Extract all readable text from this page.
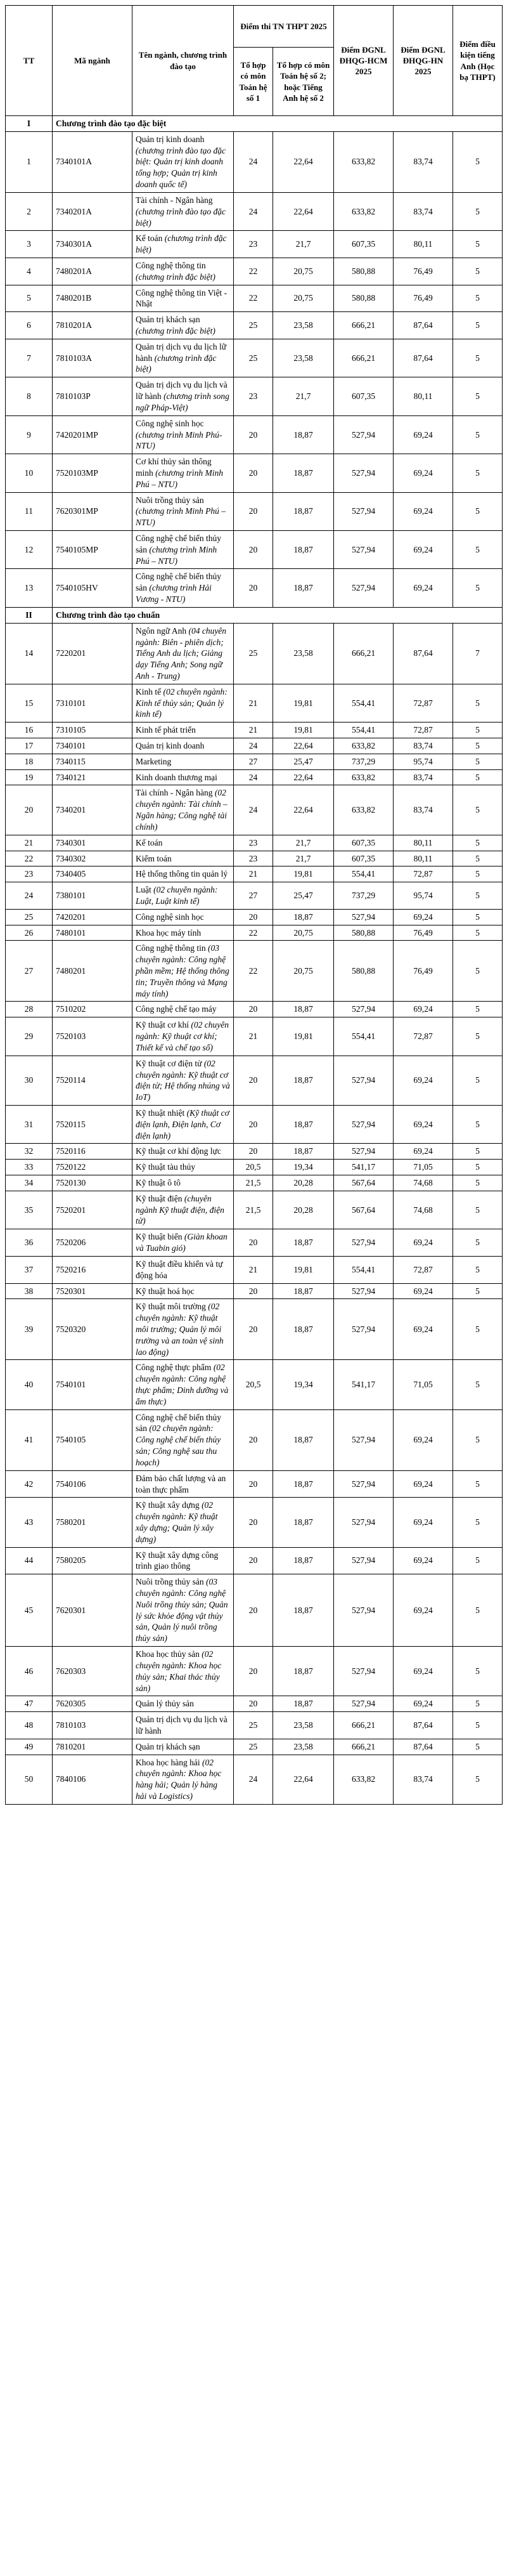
TT	Mã ngành	Tên ngành, chương trình đào tạo	Điểm thi TN THPT 2025		Điểm ĐGNL ĐHQG-HCM 2025	Điểm ĐGNL ĐHQG-HN 2025	Điểm điều kiện tiếng Anh (Học bạ THPT)
			Tổ hợp có môn Toán hệ số 1	Tổ hợp có môn Toán hệ số 2; hoặc Tiếng Anh hệ số 2			
I	Chương trình đào tạo đặc biệt						
1	7340101A	Quản trị kinh doanh (chương trình đào tạo đặc biệt: Quản trị kinh doanh tổng hợp; Quản trị kinh doanh quốc tế)	24	22,64	633,82	83,74	5
2	7340201A	Tài chính - Ngân hàng (chương trình đào tạo đặc biệt)	24	22,64	633,82	83,74	5
3	7340301A	Kế toán (chương trình đặc biệt)	23	21,7	607,35	80,11	5
4	7480201A	Công nghệ thông tin (chương trình đặc biệt)	22	20,75	580,88	76,49	5
5	7480201B	Công nghệ thông tin Việt - Nhật	22	20,75	580,88	76,49	5
6	7810201A	Quản trị khách sạn (chương trình đặc biệt)	25	23,58	666,21	87,64	5
7	7810103A	Quản trị dịch vụ du lịch lữ hành (chương trình đặc biệt)	25	23,58	666,21	87,64	5
8	7810103P	Quản trị dịch vụ du lịch và lữ hành (chương trình song ngữ Pháp-Việt)	23	21,7	607,35	80,11	5
9	7420201MP	Công nghệ sinh học (chương trình Minh Phú-NTU)	20	18,87	527,94	69,24	5
10	7520103MP	Cơ khí thủy sản thông minh (chương trình Minh Phú – NTU)	20	18,87	527,94	69,24	5
11	7620301MP	Nuôi trồng thủy sản (chương trình Minh Phú – NTU)	20	18,87	527,94	69,24	5
12	7540105MP	Công nghệ chế biến thủy sản (chương trình Minh Phú – NTU)	20	18,87	527,94	69,24	5
13	7540105HV	Công nghệ chế biến thủy sản (chương trình Hải Vương - NTU)	20	18,87	527,94	69,24	5
II	Chương trình đào tạo chuẩn						
14	7220201	Ngôn ngữ Anh (04 chuyên ngành: Biên - phiên dịch; Tiếng Anh du lịch; Giảng dạy Tiếng Anh; Song ngữ Anh - Trung)	25	23,58	666,21	87,64	7
15	7310101	Kinh tế (02 chuyên ngành: Kinh tế thủy sản; Quản lý kinh tế)	21	19,81	554,41	72,87	5
16	7310105	Kinh tế phát triển	21	19,81	554,41	72,87	5
17	7340101	Quản trị kinh doanh	24	22,64	633,82	83,74	5
18	7340115	Marketing	27	25,47	737,29	95,74	5
19	7340121	Kinh doanh thương mại	24	22,64	633,82	83,74	5
20	7340201	Tài chính - Ngân hàng (02 chuyên ngành: Tài chính – Ngân hàng; Công nghệ tài chính)	24	22,64	633,82	83,74	5
21	7340301	Kế toán	23	21,7	607,35	80,11	5
22	7340302	Kiểm toán	23	21,7	607,35	80,11	5
23	7340405	Hệ thống thông tin quản lý	21	19,81	554,41	72,87	5
24	7380101	Luật (02 chuyên ngành: Luật, Luật kinh tế)	27	25,47	737,29	95,74	5
25	7420201	Công nghệ sinh học	20	18,87	527,94	69,24	5
26	7480101	Khoa học máy tính	22	20,75	580,88	76,49	5
27	7480201	Công nghệ thông tin (03 chuyên ngành: Công nghệ phần mềm; Hệ thống thông tin; Truyền thông và Mạng máy tính)	22	20,75	580,88	76,49	5
28	7510202	Công nghệ chế tạo máy	20	18,87	527,94	69,24	5
29	7520103	Kỹ thuật cơ khí (02 chuyên ngành: Kỹ thuật cơ khí; Thiết kế và chế tạo số)	21	19,81	554,41	72,87	5
30	7520114	Kỹ thuật cơ điện tử (02 chuyên ngành: Kỹ thuật cơ điện tử; Hệ thống nhúng và IoT)	20	18,87	527,94	69,24	5
31	7520115	Kỹ thuật nhiệt (Kỹ thuật cơ điện lạnh, Điện lạnh, Cơ điện lạnh)	20	18,87	527,94	69,24	5
32	7520116	Kỹ thuật cơ khí động lực	20	18,87	527,94	69,24	5
33	7520122	Kỹ thuật tàu thủy	20,5	19,34	541,17	71,05	5
34	7520130	Kỹ thuật ô tô	21,5	20,28	567,64	74,68	5
35	7520201	Kỹ thuật điện (chuyên ngành Kỹ thuật điện, điện tử)	21,5	20,28	567,64	74,68	5
36	7520206	Kỹ thuật biển (Giàn khoan và Tuabin gió)	20	18,87	527,94	69,24	5
37	7520216	Kỹ thuật điều khiển và tự động hóa	21	19,81	554,41	72,87	5
38	7520301	Kỹ thuật hoá học	20	18,87	527,94	69,24	5
39	7520320	Kỹ thuật môi trường (02 chuyên ngành: Kỹ thuật môi trường; Quản lý môi trường và an toàn vệ sinh lao động)	20	18,87	527,94	69,24	5
40	7540101	Công nghệ thực phẩm (02 chuyên ngành: Công nghệ thực phẩm; Dinh dưỡng và ẩm thực)	20,5	19,34	541,17	71,05	5
41	7540105	Công nghệ chế biến thủy sản (02 chuyên ngành: Công nghệ chế biến thủy sản; Công nghệ sau thu hoạch)	20	18,87	527,94	69,24	5
42	7540106	Đảm bảo chất lượng và an toàn thực phẩm	20	18,87	527,94	69,24	5
43	7580201	Kỹ thuật xây dựng (02 chuyên ngành: Kỹ thuật xây dựng; Quản lý xây dựng)	20	18,87	527,94	69,24	5
44	7580205	Kỹ thuật xây dựng công trình giao thông	20	18,87	527,94	69,24	5
45	7620301	Nuôi trồng thủy sản (03 chuyên ngành: Công nghệ Nuôi trồng thủy sản; Quản lý sức khỏe động vật thủy sản, Quản lý nuôi trồng thủy sản)	20	18,87	527,94	69,24	5
46	7620303	Khoa học thủy sản (02 chuyên ngành: Khoa học thủy sản; Khai thác thủy sản)	20	18,87	527,94	69,24	5
47	7620305	Quản lý thủy sản	20	18,87	527,94	69,24	5
48	7810103	Quản trị dịch vụ du lịch và lữ hành	25	23,58	666,21	87,64	5
49	7810201	Quản trị khách sạn	25	23,58	666,21	87,64	5
50	7840106	Khoa học hàng hải (02 chuyên ngành: Khoa học hàng hải; Quản lý hàng hải và Logistics)	24	22,64	633,82	83,74	5
